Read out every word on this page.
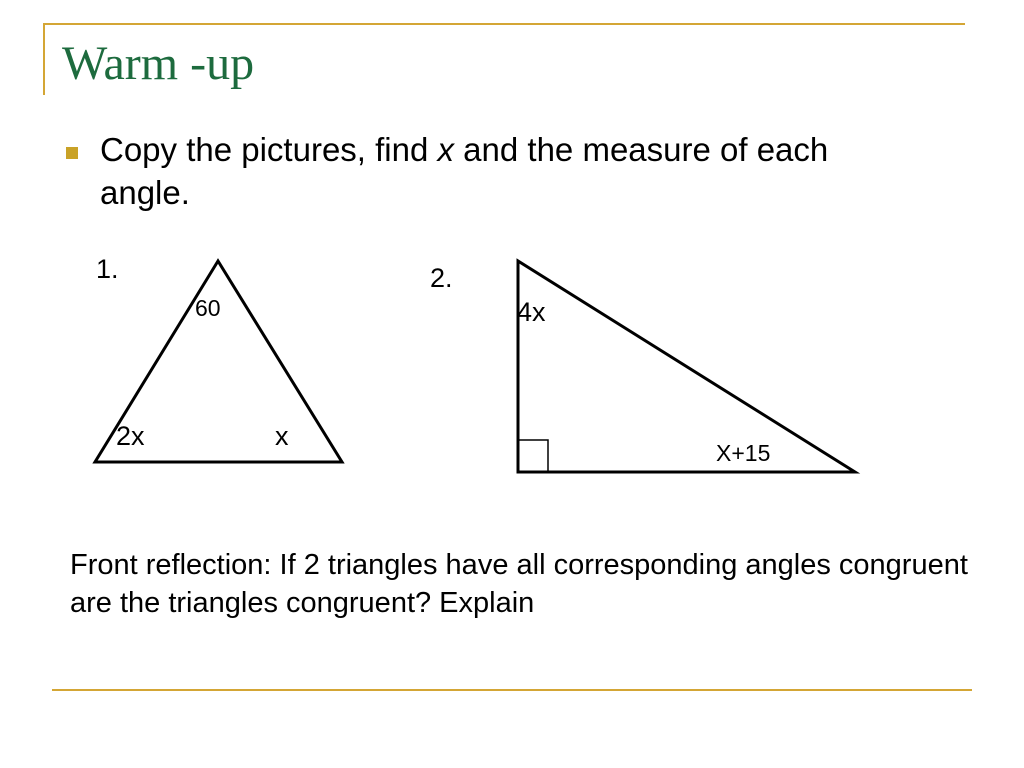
Warm -up
Copy the pictures, find x and the measure of each angle.
1.
60
2x	x
2.
4x
X+15
Front reflection: If 2 triangles have all corresponding angles congruent are the triangles congruent? Explain
